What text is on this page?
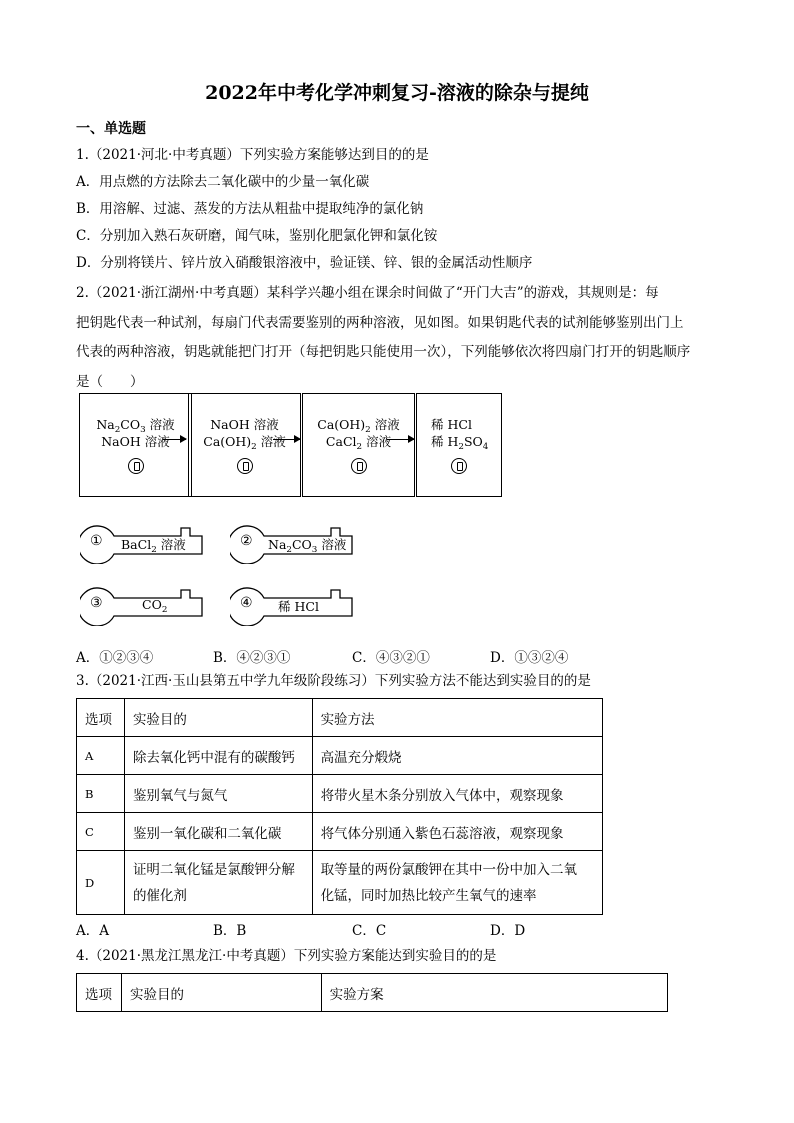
2022年中考化学冲刺复习-溶液的除杂与提纯
一、单选题
1.（2021·河北·中考真题）下列实验方案能够达到目的的是
A．用点燃的方法除去二氧化碳中的少量一氧化碳
B．用溶解、过滤、蒸发的方法从粗盐中提取纯净的氯化钠
C．分别加入熟石灰研磨，闻气味，鉴别化肥氯化钾和氯化铵
D．分别将镁片、锌片放入硝酸银溶液中，验证镁、锌、银的金属活动性顺序
2.（2021·浙江湖州·中考真题）某科学兴趣小组在课余时间做了“开门大吉”的游戏，其规则是：每
把钥匙代表一种试剂，每扇门代表需要鉴别的两种溶液，见如图。如果钥匙代表的试剂能够鉴别出门上
代表的两种溶液，钥匙就能把门打开（每把钥匙只能使用一次），下列能够依次将四扇门打开的钥匙顺序
是（　　）
$Na_2CO_3$ 溶液
NaOH 溶液
NaOH 溶液
$Ca(OH)_2$ 溶液
$Ca(OH)_2$ 溶液
CaCl$_2$ 溶液
稀 HCl
稀 $H_2SO_4$
① BaCl$_2$ 溶液	② $Na_2CO_3$ 溶液
③	$CO_2$	④ 稀 HCl
A．①②③④	B．④②③①	C．④③②①	D．①③②④
3.（2021·江西·玉山县第五中学九年级阶段练习）下列实验方法不能达到实验目的的是
选项	实验目的	实验方法
A	除去氧化钙中混有的碳酸钙	高温充分煅烧
B	鉴别氧气与氮气	将带火星木条分别放入气体中，观察现象
C	鉴别一氧化碳和二氧化碳	将气体分别通入紫色石蕊溶液，观察现象
D	证明二氧化锰是氯酸钾分解
的催化剂	取等量的两份氯酸钾在其中一份中加入二氧
化锰，同时加热比较产生氧气的速率
A．A	B．B	C．C	D．D
4.（2021·黑龙江黑龙江·中考真题）下列实验方案能达到实验目的的是
选项	实验目的	实验方案
